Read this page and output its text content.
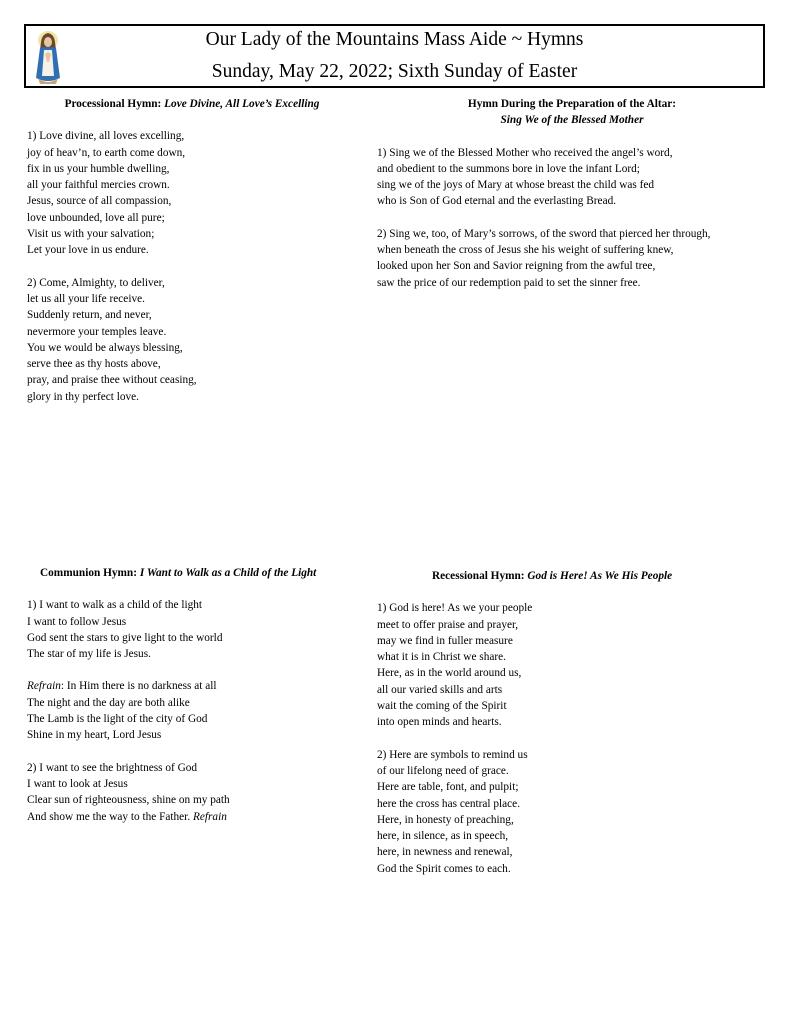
Our Lady of the Mountains Mass Aide ~ Hymns
Sunday, May 22, 2022; Sixth Sunday of Easter
Processional Hymn: Love Divine, All Love’s Excelling
1) Love divine, all loves excelling,
joy of heav’n, to earth come down,
fix in us your humble dwelling,
all your faithful mercies crown.
Jesus, source of all compassion,
love unbounded, love all pure;
Visit us with your salvation;
Let your love in us endure.
2) Come, Almighty, to deliver,
let us all your life receive.
Suddenly return, and never,
nevermore your temples leave.
You we would be always blessing,
serve thee as thy hosts above,
pray, and praise thee without ceasing,
glory in thy perfect love.
Hymn During the Preparation of the Altar:
Sing We of the Blessed Mother
1) Sing we of the Blessed Mother who received the angel’s word,
and obedient to the summons bore in love the infant Lord;
sing we of the joys of Mary at whose breast the child was fed
who is Son of God eternal and the everlasting Bread.
2) Sing we, too, of Mary’s sorrows, of the sword that pierced her through,
when beneath the cross of Jesus she his weight of suffering knew,
looked upon her Son and Savior reigning from the awful tree,
saw the price of our redemption paid to set the sinner free.
Communion Hymn: I Want to Walk as a Child of the Light
1) I want to walk as a child of the light
I want to follow Jesus
God sent the stars to give light to the world
The star of my life is Jesus.
Refrain: In Him there is no darkness at all
The night and the day are both alike
The Lamb is the light of the city of God
Shine in my heart, Lord Jesus
2) I want to see the brightness of God
I want to look at Jesus
Clear sun of righteousness, shine on my path
And show me the way to the Father. Refrain
Recessional Hymn: God is Here! As We His People
1) God is here! As we your people
meet to offer praise and prayer,
may we find in fuller measure
what it is in Christ we share.
Here, as in the world around us,
all our varied skills and arts
wait the coming of the Spirit
into open minds and hearts.
2) Here are symbols to remind us
of our lifelong need of grace.
Here are table, font, and pulpit;
here the cross has central place.
Here, in honesty of preaching,
here, in silence, as in speech,
here, in newness and renewal,
God the Spirit comes to each.
